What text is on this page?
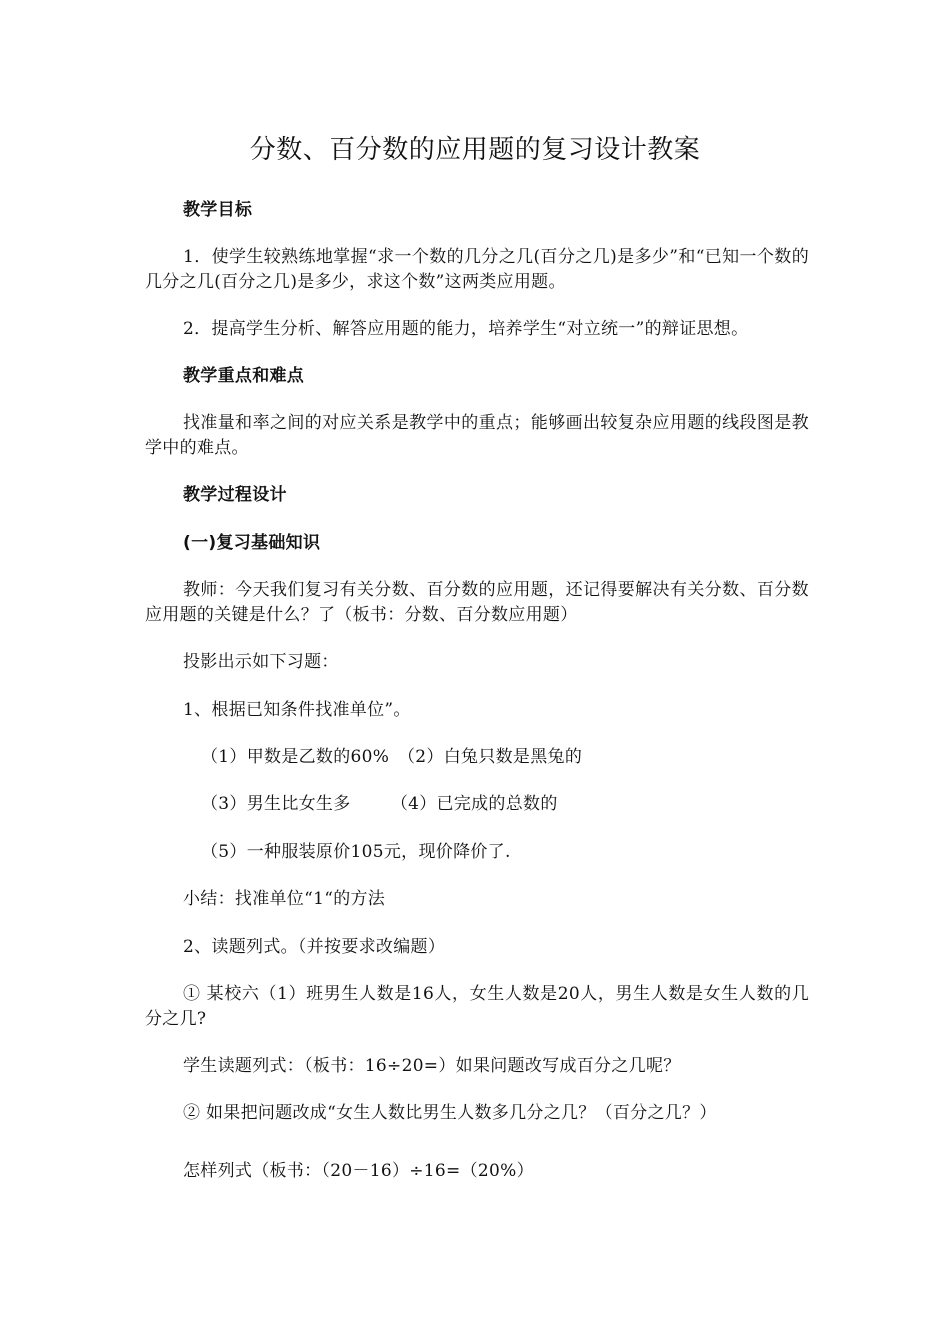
分数、百分数的应用题的复习设计教案
教学目标
1．使学生较熟练地掌握“求一个数的几分之几(百分之几)是多少”和“已知一个数的几分之几(百分之几)是多少，求这个数”这两类应用题。
2．提高学生分析、解答应用题的能力，培养学生“对立统一”的辩证思想。
教学重点和难点
找准量和率之间的对应关系是教学中的重点；能够画出较复杂应用题的线段图是教学中的难点。
教学过程设计
(一)复习基础知识
教师：今天我们复习有关分数、百分数的应用题，还记得要解决有关分数、百分数应用题的关键是什么？了（板书：分数、百分数应用题）
投影出示如下习题：
1、根据已知条件找准单位”。
（1）甲数是乙数的60%　（2）白兔只数是黑兔的
（3）男生比女生多　　 （4）已完成的总数的
（5）一种服装原价105元，现价降价了.
小结：找准单位“1“的方法
2、读题列式。（并按要求改编题）
① 某校六（1）班男生人数是16人，女生人数是20人，男生人数是女生人数的几分之几?
学生读题列式：（板书：16÷20=）如果问题改写成百分之几呢？
② 如果把问题改成“女生人数比男生人数多几分之几？（百分之几？）
怎样列式（板书：（20－16）÷16=（20%）
